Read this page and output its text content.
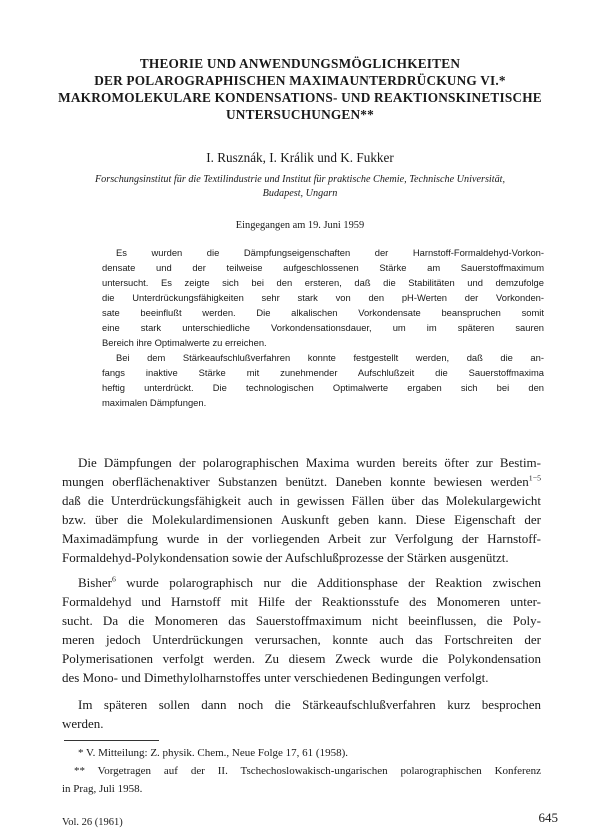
THEORIE UND ANWENDUNGSMÖGLICHKEITEN
DER POLAROGRAPHISCHEN MAXIMAUNTERDRÜCKUNG VI.*
MAKROMOLEKULARE KONDENSATIONS- UND REAKTIONSKINETISCHE
UNTERSUCHUNGEN**
I. Rusznák, I. Králik und K. Fukker
Forschungsinstitut für die Textilindustrie und Institut für praktische Chemie, Technische Universität,
Budapest, Ungarn
Eingegangen am 19. Juni 1959
Es wurden die Dämpfungseigenschaften der Harnstoff-Formaldehyd-Vorkon-
densate und der teilweise aufgeschlossenen Stärke am Sauerstoffmaximum
untersucht. Es zeigte sich bei den ersteren, daß die Stabilitäten und demzufolge
die Unterdrückungsfähigkeiten sehr stark von den pH-Werten der Vorkonden-
sate beeinflußt werden. Die alkalischen Vorkondensate beanspruchen somit
eine stark unterschiedliche Vorkondensationsdauer, um im späteren sauren
Bereich ihre Optimalwerte zu erreichen.
Bei dem Stärkeaufschlußverfahren konnte festgestellt werden, daß die an-
fangs inaktive Stärke mit zunehmender Aufschlußzeit die Sauerstoffmaxima
heftig unterdrückt. Die technologischen Optimalwerte ergaben sich bei den
maximalen Dämpfungen.
Die Dämpfungen der polarographischen Maxima wurden bereits öfter zur Bestim-
mungen oberflächenaktiver Substanzen benützt. Daneben konnte bewiesen werden$^{1-5}$
daß die Unterdrückungsfähigkeit auch in gewissen Fällen über das Molekulargewicht
bzw. über die Molekulardimensionen Auskunft geben kann. Diese Eigenschaft der
Maximadämpfung wurde in der vorliegenden Arbeit zur Verfolgung der Harnstoff-
Formaldehyd-Polykondensation sowie der Aufschlußprozesse der Stärken ausgenützt.
Bisher$^6$ wurde polarographisch nur die Additionsphase der Reaktion zwischen
Formaldehyd und Harnstoff mit Hilfe der Reaktionsstufe des Monomeren unter-
sucht. Da die Monomeren das Sauerstoffmaximum nicht beeinflussen, die Poly-
meren jedoch Unterdrückungen verursachen, konnte auch das Fortschreiten der
Polymerisationen verfolgt werden. Zu diesem Zweck wurde die Polykondensation
des Mono- und Dimethylolharnstoffes unter verschiedenen Bedingungen verfolgt.
Im späteren sollen dann noch die Stärkeaufschlußverfahren kurz besprochen
werden.
* V. Mitteilung: Z. physik. Chem., Neue Folge 17, 61 (1958).
** Vorgetragen auf der II. Tschechoslowakisch-ungarischen polarographischen Konferenz
in Prag, Juli 1958.
Vol. 26 (1961)	645
